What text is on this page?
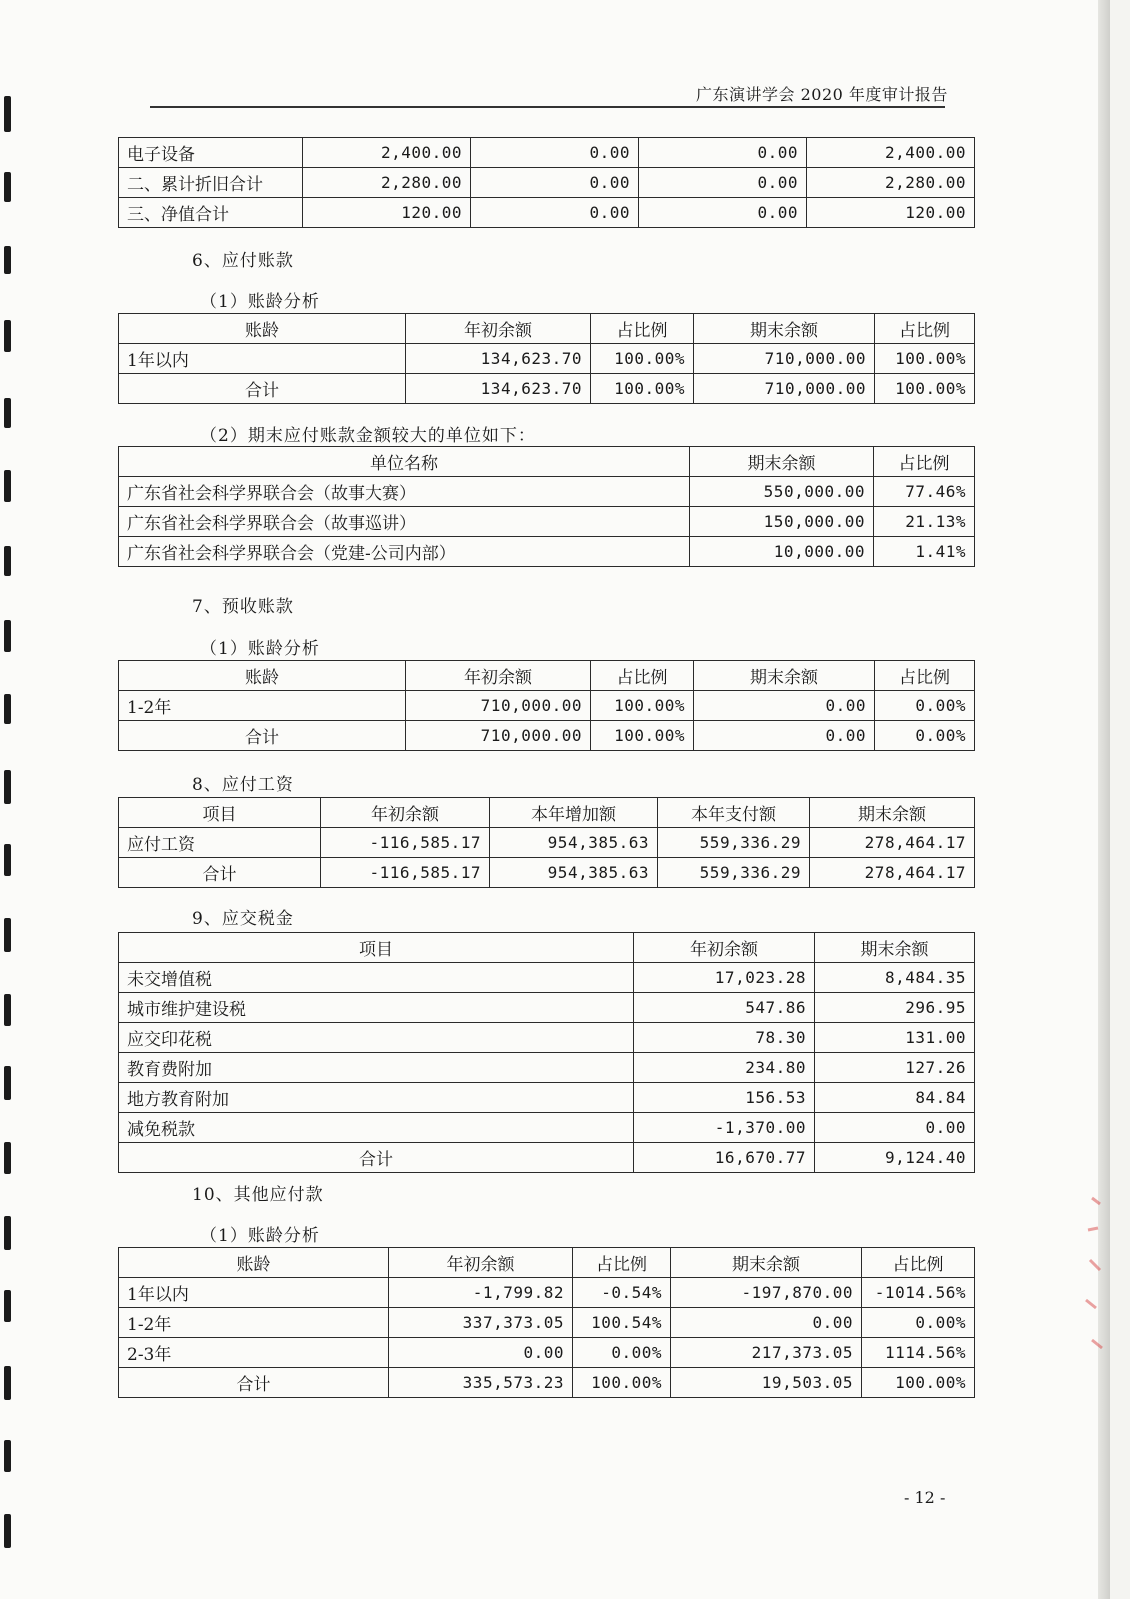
广东演讲学会 2020 年度审计报告
电子设备	2,400.00	0.00	0.00	2,400.00
二、累计折旧合计	2,280.00	0.00	0.00	2,280.00
三、净值合计	120.00	0.00	0.00	120.00
6、应付账款
（1）账龄分析
账龄	年初余额	占比例	期末余额	占比例
1年以内	134,623.70	100.00%	710,000.00	100.00%
合计	134,623.70	100.00%	710,000.00	100.00%
（2）期末应付账款金额较大的单位如下：
单位名称	期末余额	占比例
广东省社会科学界联合会（故事大赛）	550,000.00	77.46%
广东省社会科学界联合会（故事巡讲）	150,000.00	21.13%
广东省社会科学界联合会（党建-公司内部）	10,000.00	1.41%
7、预收账款
（1）账龄分析
账龄	年初余额	占比例	期末余额	占比例
1-2年	710,000.00	100.00%	0.00	0.00%
合计	710,000.00	100.00%	0.00	0.00%
8、应付工资
项目	年初余额	本年增加额	本年支付额	期末余额
应付工资	-116,585.17	954,385.63	559,336.29	278,464.17
合计	-116,585.17	954,385.63	559,336.29	278,464.17
9、应交税金
项目	年初余额	期末余额
未交增值税	17,023.28	8,484.35
城市维护建设税	547.86	296.95
应交印花税	78.30	131.00
教育费附加	234.80	127.26
地方教育附加	156.53	84.84
减免税款	-1,370.00	0.00
合计	16,670.77	9,124.40
10、其他应付款
（1）账龄分析
账龄	年初余额	占比例	期末余额	占比例
1年以内	-1,799.82	-0.54%	-197,870.00	-1014.56%
1-2年	337,373.05	100.54%	0.00	0.00%
2-3年	0.00	0.00%	217,373.05	1114.56%
合计	335,573.23	100.00%	19,503.05	100.00%
- 12 -
